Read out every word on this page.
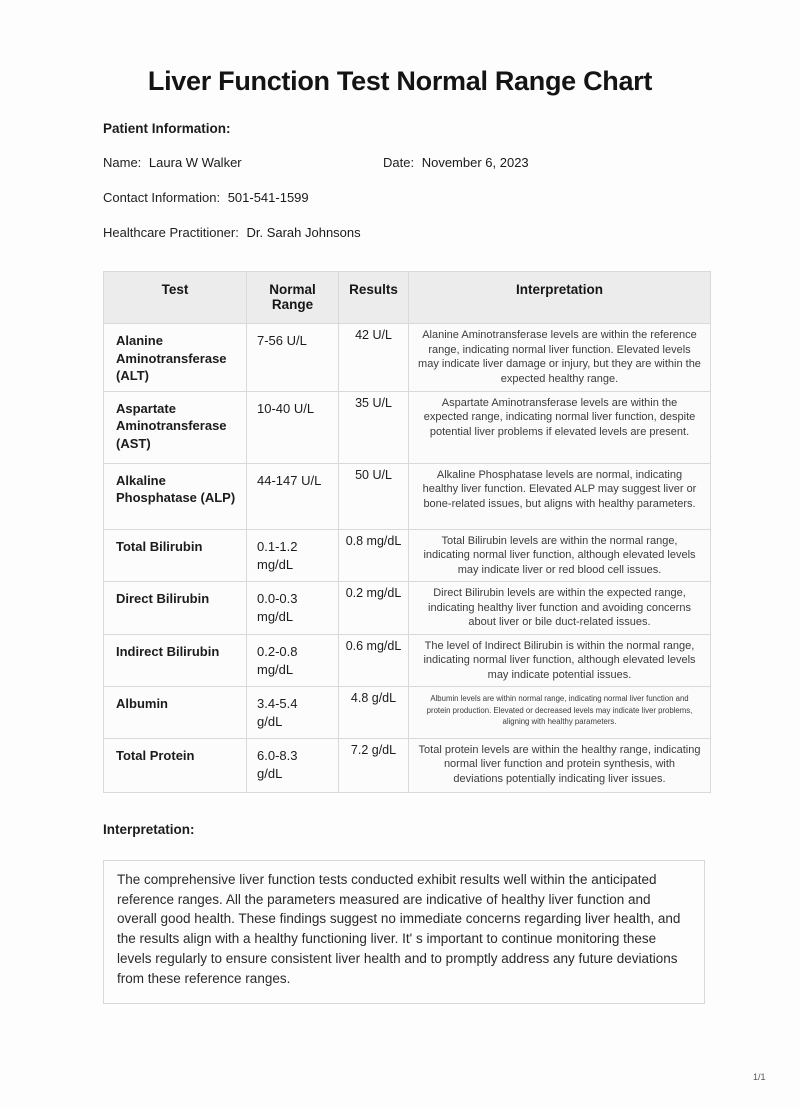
Liver Function Test Normal Range Chart
Patient Information:
Name: Laura W Walker	Date: November 6, 2023
Contact Information: 501-541-1599
Healthcare Practitioner: Dr. Sarah Johnsons
Test	Normal Range	Results	Interpretation
Alanine Aminotransferase (ALT)	7-56 U/L	42 U/L	Alanine Aminotransferase levels are within the reference range, indicating normal liver function. Elevated levels may indicate liver damage or injury, but they are within the expected healthy range.
Aspartate Aminotransferase (AST)	10-40 U/L	35 U/L	Aspartate Aminotransferase levels are within the expected range, indicating normal liver function, despite potential liver problems if elevated levels are present.
Alkaline Phosphatase (ALP)	44-147 U/L	50 U/L	Alkaline Phosphatase levels are normal, indicating healthy liver function. Elevated ALP may suggest liver or bone-related issues, but aligns with healthy parameters.
Total Bilirubin	0.1-1.2 mg/dL	0.8 mg/dL	Total Bilirubin levels are within the normal range, indicating normal liver function, although elevated levels may indicate liver or red blood cell issues.
Direct Bilirubin	0.0-0.3 mg/dL	0.2 mg/dL	Direct Bilirubin levels are within the expected range, indicating healthy liver function and avoiding concerns about liver or bile duct-related issues.
Indirect Bilirubin	0.2-0.8 mg/dL	0.6 mg/dL	The level of Indirect Bilirubin is within the normal range, indicating normal liver function, although elevated levels may indicate potential issues.
Albumin	3.4-5.4 g/dL	4.8 g/dL	Albumin levels are within normal range, indicating normal liver function and protein production. Elevated or decreased levels may indicate liver problems, aligning with healthy parameters.
Total Protein	6.0-8.3 g/dL	7.2 g/dL	Total protein levels are within the healthy range, indicating normal liver function and protein synthesis, with deviations potentially indicating liver issues.
Interpretation:

The comprehensive liver function tests conducted exhibit results well within the anticipated reference ranges. All the parameters measured are indicative of healthy liver function and overall good health. These findings suggest no immediate concerns regarding liver health, and the results align with a healthy functioning liver. It' s important to continue monitoring these levels regularly to ensure consistent liver health and to promptly address any future deviations from these reference ranges.

1/1
